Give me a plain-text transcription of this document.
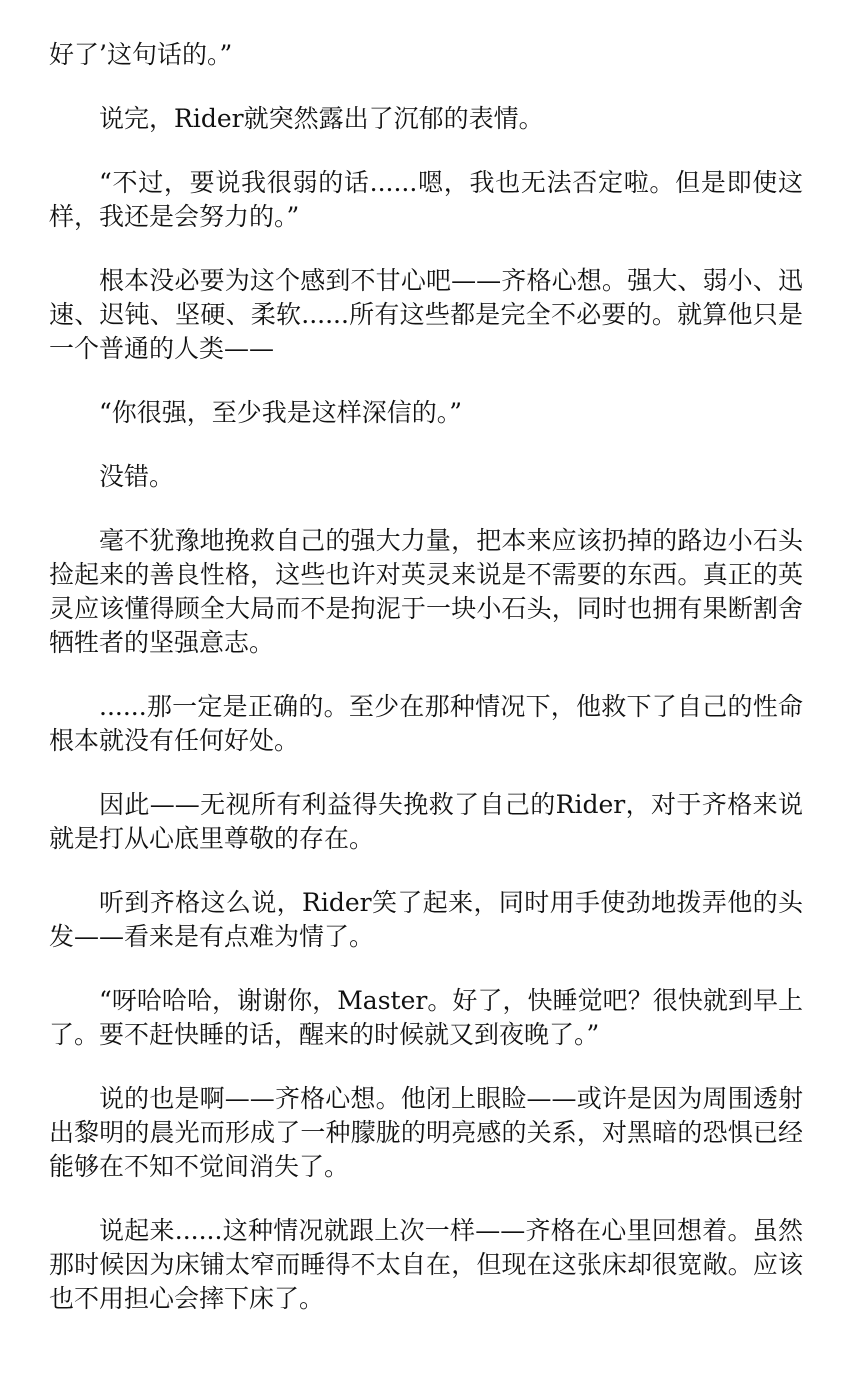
好了’这句话的。”

说完，Rider就突然露出了沉郁的表情。

“不过，要说我很弱的话......嗯，我也无法否定啦。但是即使这样，我还是会努力的。”

根本没必要为这个感到不甘心吧——齐格心想。强大、弱小、迅速、迟钝、坚硬、柔软......所有这些都是完全不必要的。就算他只是一个普通的人类——

“你很强，至少我是这样深信的。”

没错。

毫不犹豫地挽救自己的强大力量，把本来应该扔掉的路边小石头捡起来的善良性格，这些也许对英灵来说是不需要的东西。真正的英灵应该懂得顾全大局而不是拘泥于一块小石头，同时也拥有果断割舍牺牲者的坚强意志。

......那一定是正确的。至少在那种情况下，他救下了自己的性命根本就没有任何好处。

因此——无视所有利益得失挽救了自己的Rider，对于齐格来说就是打从心底里尊敬的存在。

听到齐格这么说，Rider笑了起来，同时用手使劲地拨弄他的头发——看来是有点难为情了。

“呀哈哈哈，谢谢你，Master。好了，快睡觉吧？很快就到早上了。要不赶快睡的话，醒来的时候就又到夜晚了。”

说的也是啊——齐格心想。他闭上眼睑——或许是因为周围透射出黎明的晨光而形成了一种朦胧的明亮感的关系，对黑暗的恐惧已经能够在不知不觉间消失了。

说起来......这种情况就跟上次一样——齐格在心里回想着。虽然那时候因为床铺太窄而睡得不太自在，但现在这张床却很宽敞。应该也不用担心会摔下床了。
